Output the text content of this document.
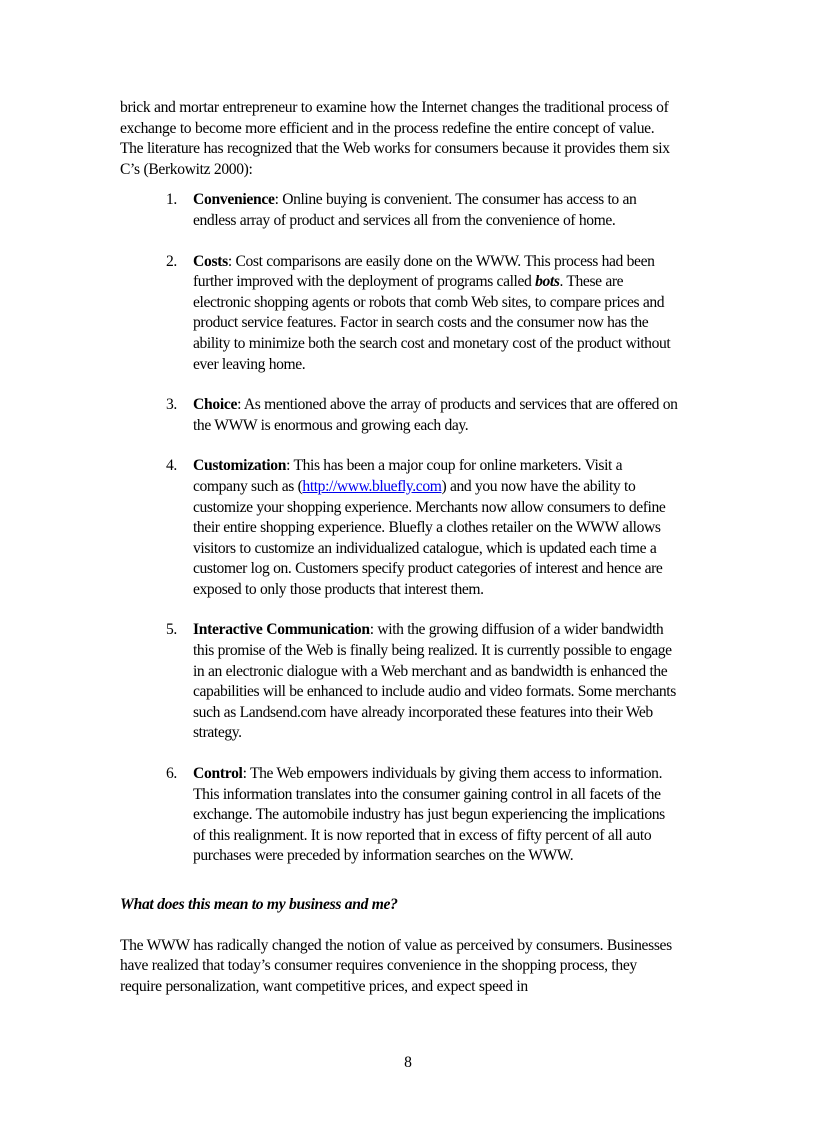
brick and mortar entrepreneur to examine how the Internet changes the traditional process of exchange to become more efficient and in the process redefine the entire concept of value. The literature has recognized that the Web works for consumers because it provides them six C’s (Berkowitz 2000):

1. Convenience: Online buying is convenient. The consumer has access to an endless array of product and services all from the convenience of home.
2. Costs: Cost comparisons are easily done on the WWW. This process had been further improved with the deployment of programs called bots. These are electronic shopping agents or robots that comb Web sites, to compare prices and product service features. Factor in search costs and the consumer now has the ability to minimize both the search cost and monetary cost of the product without ever leaving home.
3. Choice: As mentioned above the array of products and services that are offered on the WWW is enormous and growing each day.
4. Customization: This has been a major coup for online marketers. Visit a company such as (http://www.bluefly.com) and you now have the ability to customize your shopping experience. Merchants now allow consumers to define their entire shopping experience. Bluefly a clothes retailer on the WWW allows visitors to customize an individualized catalogue, which is updated each time a customer log on. Customers specify product categories of interest and hence are exposed to only those products that interest them.
5. Interactive Communication: with the growing diffusion of a wider bandwidth this promise of the Web is finally being realized. It is currently possible to engage in an electronic dialogue with a Web merchant and as bandwidth is enhanced the capabilities will be enhanced to include audio and video formats. Some merchants such as Landsend.com have already incorporated these features into their Web strategy.
6. Control: The Web empowers individuals by giving them access to information. This information translates into the consumer gaining control in all facets of the exchange. The automobile industry has just begun experiencing the implications of this realignment. It is now reported that in excess of fifty percent of all auto purchases were preceded by information searches on the WWW.
What does this mean to my business and me?

The WWW has radically changed the notion of value as perceived by consumers. Businesses have realized that today’s consumer requires convenience in the shopping process, they require personalization, want competitive prices, and expect speed in

8
